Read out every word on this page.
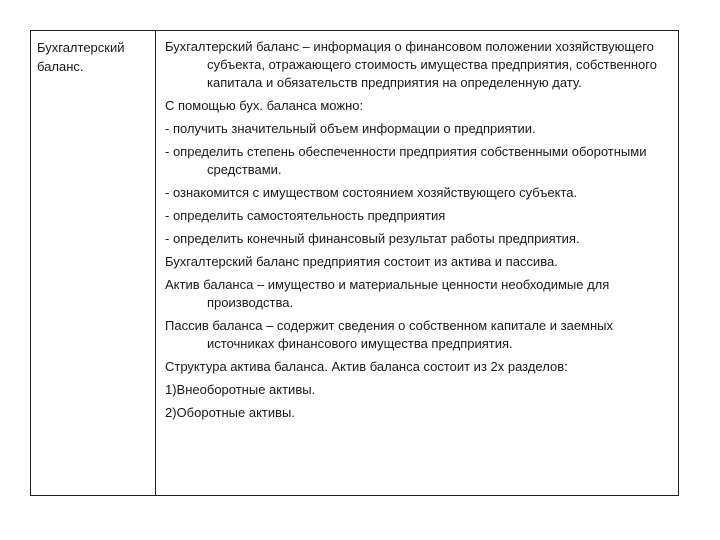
Бухгалтерский баланс.

Бухгалтерский баланс – информация о финансовом положении хозяйствующего субъекта, отражающего стоимость имущества предприятия, собственного капитала и обязательств предприятия на определенную дату.

С помощью бух. баланса можно:

- получить значительный объем информации о предприятии.

- определить степень обеспеченности предприятия собственными оборотными средствами.

- ознакомится с имуществом состоянием хозяйствующего субъекта.

- определить самостоятельность предприятия

- определить конечный финансовый результат работы предприятия.

Бухгалтерский баланс предприятия состоит из актива и пассива.

Актив баланса – имущество и материальные ценности необходимые для производства.

Пассив баланса – содержит сведения о собственном капитале и заемных источниках финансового имущества предприятия.

Структура актива баланса. Актив баланса состоит из 2х разделов:

1)Внеоборотные активы.

2)Оборотные активы.
